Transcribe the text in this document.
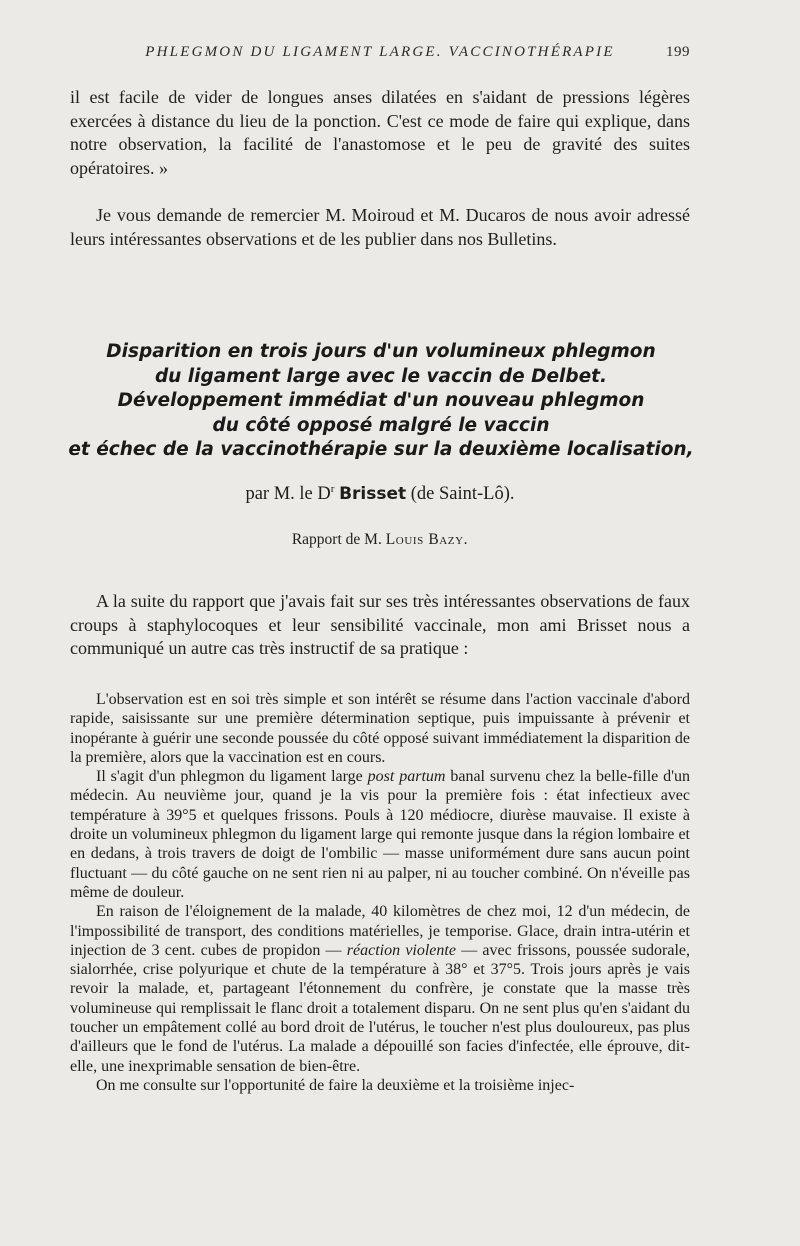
PHLEGMON DU LIGAMENT LARGE. VACCINOTHÉRAPIE	199

il est facile de vider de longues anses dilatées en s'aidant de pressions légères exercées à distance du lieu de la ponction. C'est ce mode de faire qui explique, dans notre observation, la facilité de l'anastomose et le peu de gravité des suites opératoires. »

Je vous demande de remercier M. Moiroud et M. Ducaros de nous avoir adressé leurs intéressantes observations et de les publier dans nos Bulletins.

Disparition en trois jours d'un volumineux phlegmon
du ligament large avec le vaccin de Delbet.
Développement immédiat d'un nouveau phlegmon
du côté opposé malgré le vaccin
et échec de la vaccinothérapie sur la deuxième localisation,
par M. le $D^r$ Brisset (de Saint-Lô).
Rapport de M. Louis Bazy.

A la suite du rapport que j'avais fait sur ses très intéressantes observations de faux croups à staphylocoques et leur sensibilité vaccinale, mon ami Brisset nous a communiqué un autre cas très instructif de sa pratique :

L'observation est en soi très simple et son intérêt se résume dans l'action vaccinale d'abord rapide, saisissante sur une première détermination septique, puis impuissante à prévenir et inopérante à guérir une seconde poussée du côté opposé suivant immédiatement la disparition de la première, alors que la vaccination est en cours.

Il s'agit d'un phlegmon du ligament large post partum banal survenu chez la belle-fille d'un médecin. Au neuvième jour, quand je la vis pour la première fois : état infectieux avec température à 39°5 et quelques frissons. Pouls à 120 médiocre, diurèse mauvaise. Il existe à droite un volumineux phlegmon du ligament large qui remonte jusque dans la région lombaire et en dedans, à trois travers de doigt de l'ombilic — masse uniformément dure sans aucun point fluctuant — du côté gauche on ne sent rien ni au palper, ni au toucher combiné. On n'éveille pas même de douleur.

En raison de l'éloignement de la malade, 40 kilomètres de chez moi, 12 d'un médecin, de l'impossibilité de transport, des conditions matérielles, je temporise. Glace, drain intra-utérin et injection de 3 cent. cubes de propidon — réaction violente — avec frissons, poussée sudorale, sialorrhée, crise polyurique et chute de la température à 38° et 37°5. Trois jours après je vais revoir la malade, et, partageant l'étonnement du confrère, je constate que la masse très volumineuse qui remplissait le flanc droit a totalement disparu. On ne sent plus qu'en s'aidant du toucher un empâtement collé au bord droit de l'utérus, le toucher n'est plus douloureux, pas plus d'ailleurs que le fond de l'utérus. La malade a dépouillé son facies d'infectée, elle éprouve, dit-elle, une inexprimable sensation de bien-être.

On me consulte sur l'opportunité de faire la deuxième et la troisième injec-
